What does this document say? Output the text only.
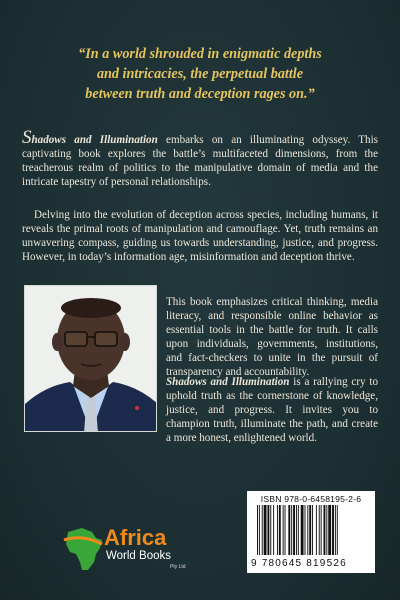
“In a world shrouded in enigmatic depths
and intricacies, the perpetual battle
between truth and deception rages on.”

Shadows and Illumination embarks on an illuminating odyssey. This captivating book explores the battle’s multifaceted dimensions, from the treacherous realm of politics to the manipulative domain of media and the intricate tapestry of personal relationships.

Delving into the evolution of deception across species, including humans, it reveals the primal roots of manipulation and camouflage. Yet, truth remains an unwavering compass, guiding us towards understanding, justice, and progress. However, in today’s information age, misinformation and deception thrive.

This book emphasizes critical thinking, media literacy, and responsible online behavior as essential tools in the battle for truth. It calls upon individuals, governments, institutions, and fact-checkers to unite in the pursuit of transparency and accountability.

Shadows and Illumination is a rallying cry to uphold truth as the cornerstone of knowledge, justice, and progress. It invites you to champion truth, illuminate the path, and create a more honest, enlightened world.

Africa
World Books
Pty Ltd
ISBN 978-0-6458195-2-6
9 780645 819526
